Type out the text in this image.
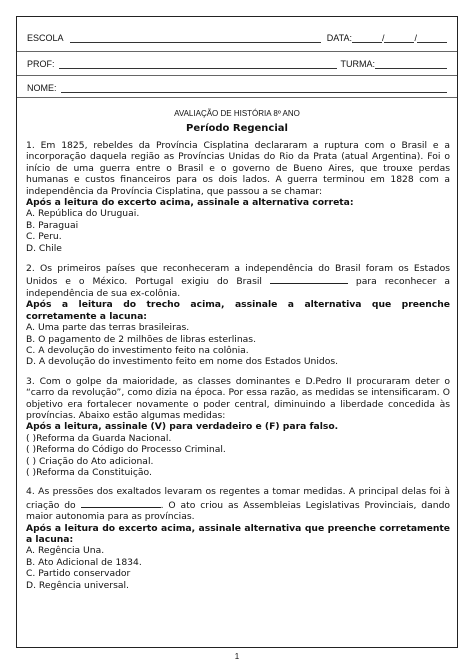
ESCOLA	DATA:	/	/
PROF:	TURMA:
NOME:
AVALIAÇÃO DE HISTÓRIA 8º ANO
Período Regencial

1. Em 1825, rebeldes da Província Cisplatina declararam a ruptura com o Brasil e a incorporação daquela região as Províncias Unidas do Rio da Prata (atual Argentina). Foi o início de uma guerra entre o Brasil e o governo de Bueno Aires, que trouxe perdas humanas e custos financeiros para os dois lados. A guerra terminou em 1828 com a independência da Província Cisplatina, que passou a se chamar:

Após a leitura do excerto acima, assinale a alternativa correta:

A. República do Uruguai.
B. Paraguai
C. Peru.
D. Chile

2. Os primeiros países que reconheceram a independência do Brasil foram os Estados Unidos e o México. Portugal exigiu do Brasil	para reconhecer a independência de sua ex-colônia.

Após a leitura do trecho acima, assinale a alternativa que preenche corretamente a lacuna:

A. Uma parte das terras brasileiras.
B. O pagamento de 2 milhões de libras esterlinas.
C. A devolução do investimento feito na colônia.
D. A devolução do investimento feito em nome dos Estados Unidos.

3. Com o golpe da maioridade, as classes dominantes e D.Pedro II procuraram deter o “carro da revolução”, como dizia na época. Por essa razão, as medidas se intensificaram. O objetivo era fortalecer novamente o poder central, diminuindo a liberdade concedida às províncias. Abaixo estão algumas medidas:

Após a leitura, assinale (V) para verdadeiro e (F) para falso.

( )Reforma da Guarda Nacional.
( )Reforma do Código do Processo Criminal.
( ) Criação do Ato adicional.
( )Reforma da Constituição.

4. As pressões dos exaltados levaram os regentes a tomar medidas. A principal delas foi à criação do	. O ato criou as Assembleias Legislativas Provinciais, dando maior autonomia para as províncias.

Após a leitura do excerto acima, assinale alternativa que preenche corretamente a lacuna:

A. Regência Una.
B. Ato Adicional de 1834.
C. Partido conservador
D. Regência universal.
1
